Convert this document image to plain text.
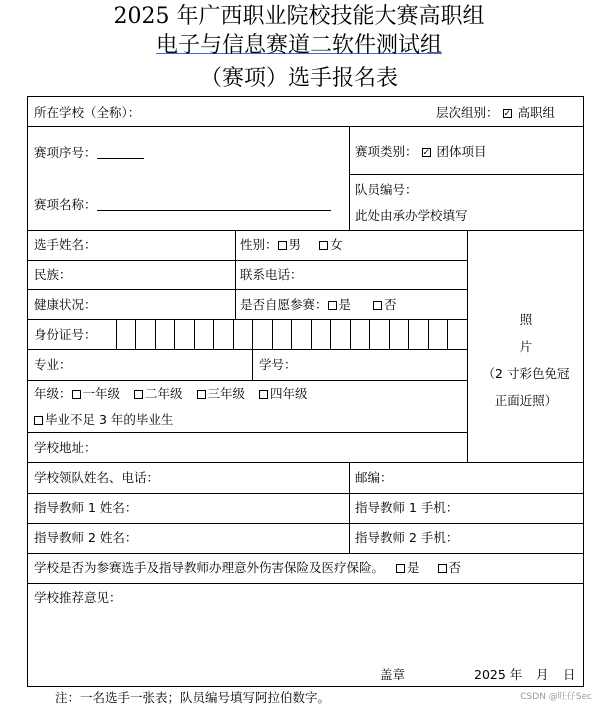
2025 年广西职业院校技能大赛高职组
电子与信息赛道二软件测试组
（赛项）选手报名表
所在学校（全称）：	层次组别： ✓ 高职组
赛项序号：	赛项类别： ✓ 团体项目
队员编号：
此处由承办学校填写
赛项名称：
选手姓名：	性别： 男 女
民族：	联系电话：
健康状况：	是否自愿参赛： 是	否
身份证号：
专业：	学号：
年级： 一年级 二年级 三年级 四年级
毕业不足 3 年的毕业生
学校地址：
学校领队姓名、电话：	邮编：
指导教师 1 姓名：	指导教师 1 手机：
指导教师 2 姓名：	指导教师 2 手机：
学校是否为参赛选手及指导教师办理意外伤害保险及医疗保险。 是 否
学校推荐意见：
盖章	2025 年 月 日
照
片
（2 寸彩色免冠
正面近照）
注：一名选手一张表；队员编号填写阿拉伯数字。	CSDN @旺仔Sec
